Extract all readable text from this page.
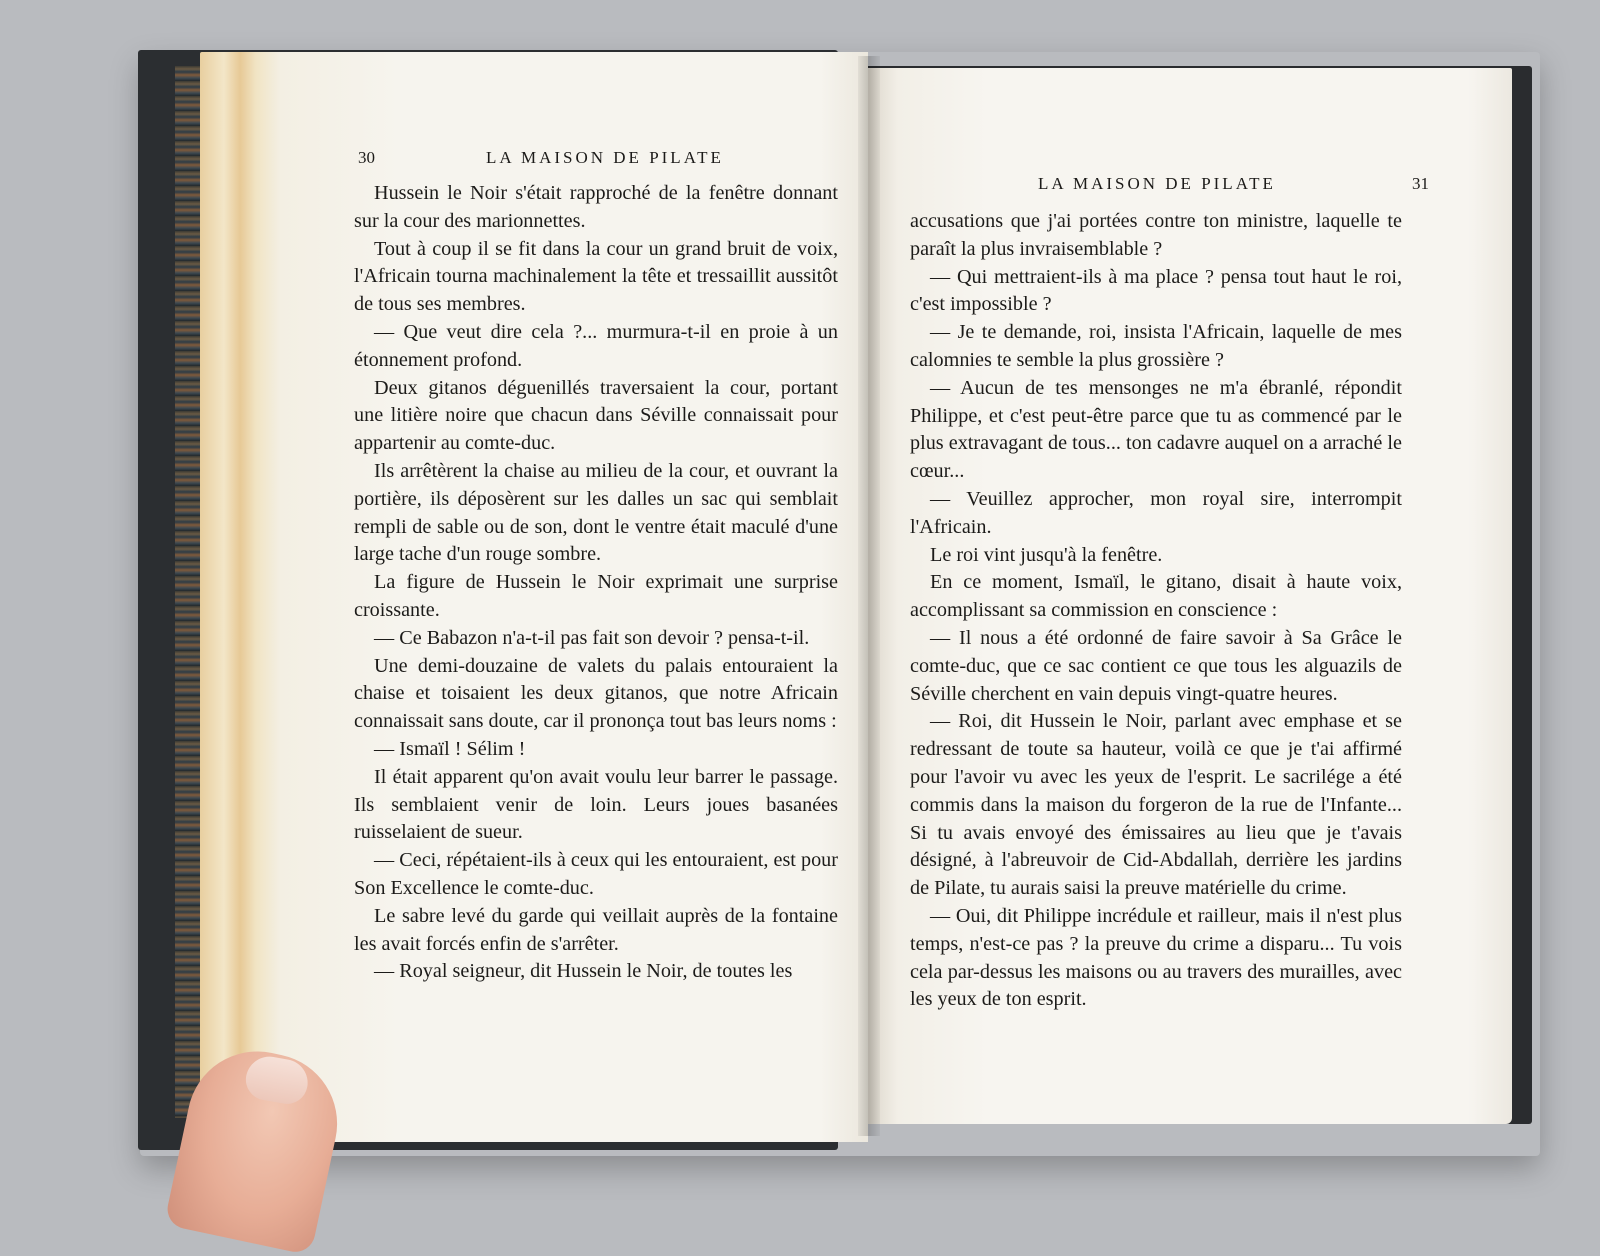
30	LA MAISON DE PILATE

Hussein le Noir s'était rapproché de la fenêtre donnant sur la cour des marionnettes.

Tout à coup il se fit dans la cour un grand bruit de voix, l'Africain tourna machinalement la tête et tressaillit aussitôt de tous ses membres.

— Que veut dire cela ?... murmura-t-il en proie à un étonnement profond.

Deux gitanos déguenillés traversaient la cour, portant une litière noire que chacun dans Séville connaissait pour appartenir au comte-duc.

Ils arrêtèrent la chaise au milieu de la cour, et ouvrant la portière, ils déposèrent sur les dalles un sac qui semblait rempli de sable ou de son, dont le ventre était maculé d'une large tache d'un rouge sombre.

La figure de Hussein le Noir exprimait une surprise croissante.

— Ce Babazon n'a-t-il pas fait son devoir ? pensa-t-il.

Une demi-douzaine de valets du palais entouraient la chaise et toisaient les deux gitanos, que notre Africain connaissait sans doute, car il prononça tout bas leurs noms :

— Ismaïl ! Sélim !

Il était apparent qu'on avait voulu leur barrer le passage. Ils semblaient venir de loin. Leurs joues basanées ruisselaient de sueur.

— Ceci, répétaient-ils à ceux qui les entouraient, est pour Son Excellence le comte-duc.

Le sabre levé du garde qui veillait auprès de la fontaine les avait forcés enfin de s'arrêter.

— Royal seigneur, dit Hussein le Noir, de toutes les

LA MAISON DE PILATE	31

accusations que j'ai portées contre ton ministre, laquelle te paraît la plus invraisemblable ?

— Qui mettraient-ils à ma place ? pensa tout haut le roi, c'est impossible ?

— Je te demande, roi, insista l'Africain, laquelle de mes calomnies te semble la plus grossière ?

— Aucun de tes mensonges ne m'a ébranlé, répondit Philippe, et c'est peut-être parce que tu as commencé par le plus extravagant de tous... ton cadavre auquel on a arraché le cœur...

— Veuillez approcher, mon royal sire, interrompit l'Africain.

Le roi vint jusqu'à la fenêtre.

En ce moment, Ismaïl, le gitano, disait à haute voix, accomplissant sa commission en conscience :

— Il nous a été ordonné de faire savoir à Sa Grâce le comte-duc, que ce sac contient ce que tous les alguazils de Séville cherchent en vain depuis vingt-quatre heures.

— Roi, dit Hussein le Noir, parlant avec emphase et se redressant de toute sa hauteur, voilà ce que je t'ai affirmé pour l'avoir vu avec les yeux de l'esprit. Le sacrilége a été commis dans la maison du forgeron de la rue de l'Infante... Si tu avais envoyé des émissaires au lieu que je t'avais désigné, à l'abreuvoir de Cid-Abdallah, derrière les jardins de Pilate, tu aurais saisi la preuve matérielle du crime.

— Oui, dit Philippe incrédule et railleur, mais il n'est plus temps, n'est-ce pas ? la preuve du crime a disparu... Tu vois cela par-dessus les maisons ou au travers des murailles, avec les yeux de ton esprit.
